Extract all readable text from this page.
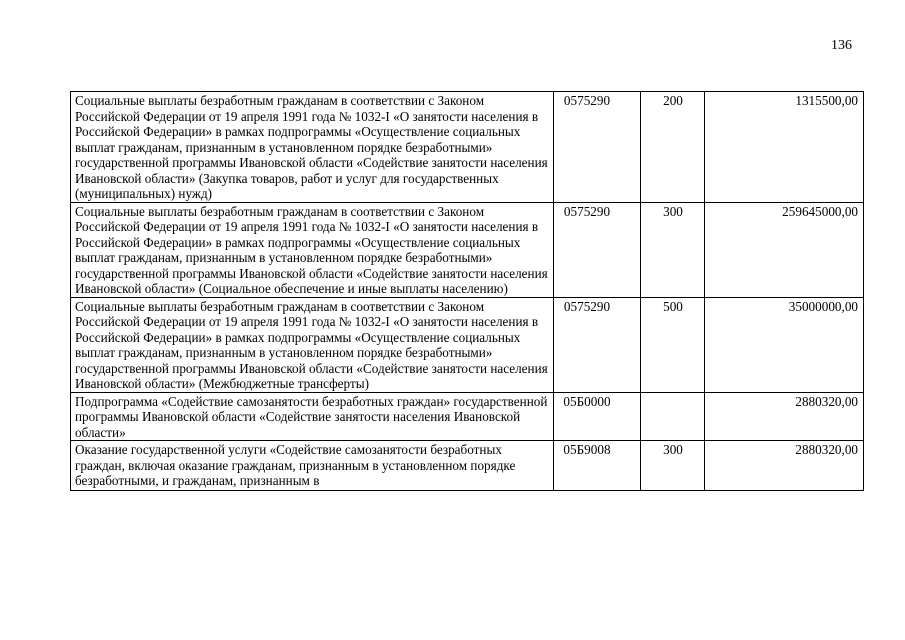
136
Социальные выплаты безработным гражданам в соответствии с Законом Российской Федерации от 19 апреля 1991 года № 1032-I «О занятости населения в Российской Федерации» в рамках подпрограммы «Осуществление социальных выплат гражданам, признанным в установленном порядке безработными» государственной программы Ивановской области «Содействие занятости населения Ивановской области» (Закупка товаров, работ и услуг для государственных (муниципальных) нужд)	0575290	200	1315500,00
Социальные выплаты безработным гражданам в соответствии с Законом Российской Федерации от 19 апреля 1991 года № 1032-I «О занятости населения в Российской Федерации» в рамках подпрограммы «Осуществление социальных выплат гражданам, признанным в установленном порядке безработными» государственной программы Ивановской области «Содействие занятости населения Ивановской области» (Социальное обеспечение и иные выплаты населению)	0575290	300	259645000,00
Социальные выплаты безработным гражданам в соответствии с Законом Российской Федерации от 19 апреля 1991 года № 1032-I «О занятости населения в Российской Федерации» в рамках подпрограммы «Осуществление социальных выплат гражданам, признанным в установленном порядке безработными» государственной программы Ивановской области «Содействие занятости населения Ивановской области» (Межбюджетные трансферты)	0575290	500	35000000,00
Подпрограмма «Содействие самозанятости безработных граждан» государственной программы Ивановской области «Содействие занятости населения Ивановской области»	05Б0000		2880320,00

Оказание государственной услуги «Содействие самозанятости безработных граждан, включая оказание гражданам, признанным в установленном порядке безработными, и гражданам, признанным в	05Б9008	300	2880320,00
